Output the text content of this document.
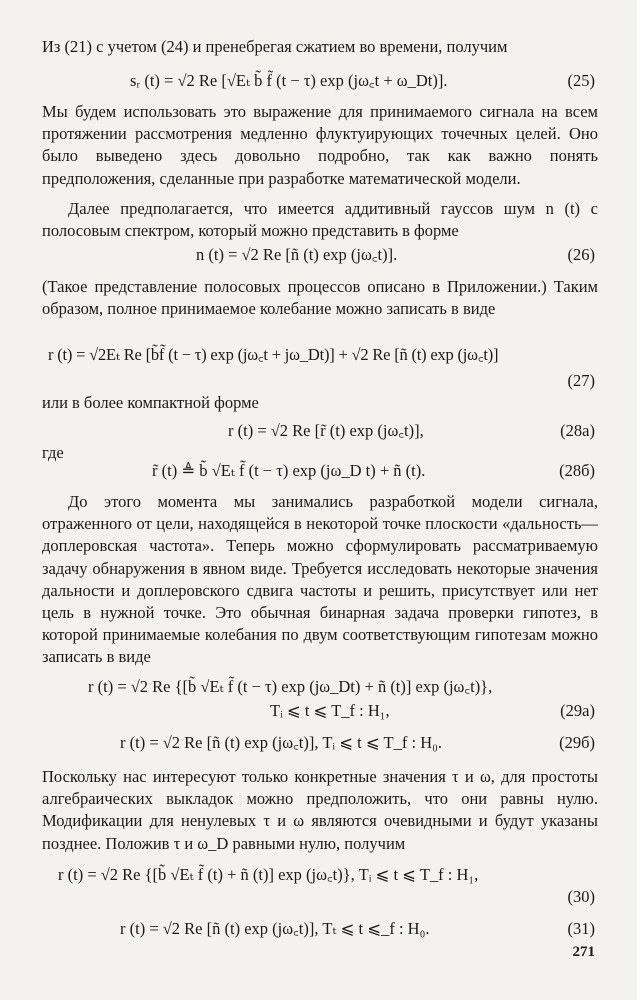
Из (21) с учетом (24) и пренебрегая сжатием во времени, получим

sᵣ (t) = √2 Re [√Eₜ b̃ f̃ (t − τ) exp (jω꜀t + ω_Dt)].	(25)

Мы будем использовать это выражение для принимаемого сигнала на всем протяжении рассмотрения медленно флуктуирующих точечных целей. Оно было выведено здесь довольно подробно, так как важно понять предположения, сделанные при разработке математической модели.

Далее предполагается, что имеется аддитивный гауссов шум n (t) с полосовым спектром, который можно представить в форме

n (t) = √2 Re [ñ (t) exp (jω꜀t)].	(26)

(Такое представление полосовых процессов описано в Приложении.) Таким образом, полное принимаемое колебание можно записать в виде

r (t) = √2Eₜ Re [b̃f̃ (t − τ) exp (jω꜀t + jω_Dt)] + √2 Re [ñ (t) exp (jω꜀t)]

(27)

или в более компактной форме

r (t) = √2 Re [r̃ (t) exp (jω꜀t)],	(28a)

где

r̃ (t) ≜ b̃ √Eₜ f̃ (t − τ) exp (jω_D t) + ñ (t).	(28б)

До этого момента мы занимались разработкой модели сигнала, отраженного от цели, находящейся в некоторой точке плоскости «дальность—доплеровская частота». Теперь можно сформулировать рассматриваемую задачу обнаружения в явном виде. Требуется исследовать некоторые значения дальности и доплеровского сдвига частоты и решить, присутствует или нет цель в нужной точке. Это обычная бинарная задача проверки гипотез, в которой принимаемые колебания по двум соответствующим гипотезам можно записать в виде

r (t) = √2 Re {[b̃ √Eₜ f̃ (t − τ) exp (jω_Dt) + ñ (t)] exp (jω꜀t)},

Tᵢ ⩽ t ⩽ T_f : H₁,	(29a)

r (t) = √2 Re [ñ (t) exp (jω꜀t)], Tᵢ ⩽ t ⩽ T_f : H₀.	(29б)

Поскольку нас интересуют только конкретные значения τ и ω, для простоты алгебраических выкладок можно предположить, что они равны нулю. Модификации для ненулевых τ и ω являются очевидными и будут указаны позднее. Положив τ и ω_D равными нулю, получим

r (t) = √2 Re {[b̃ √Eₜ f̃ (t) + ñ (t)] exp (jω꜀t)}, Tᵢ ⩽ t ⩽ T_f : H₁,

(30)

r (t) = √2 Re [ñ (t) exp (jω꜀t)], Tₜ ⩽ t ⩽_f : H₀.	(31)

271
